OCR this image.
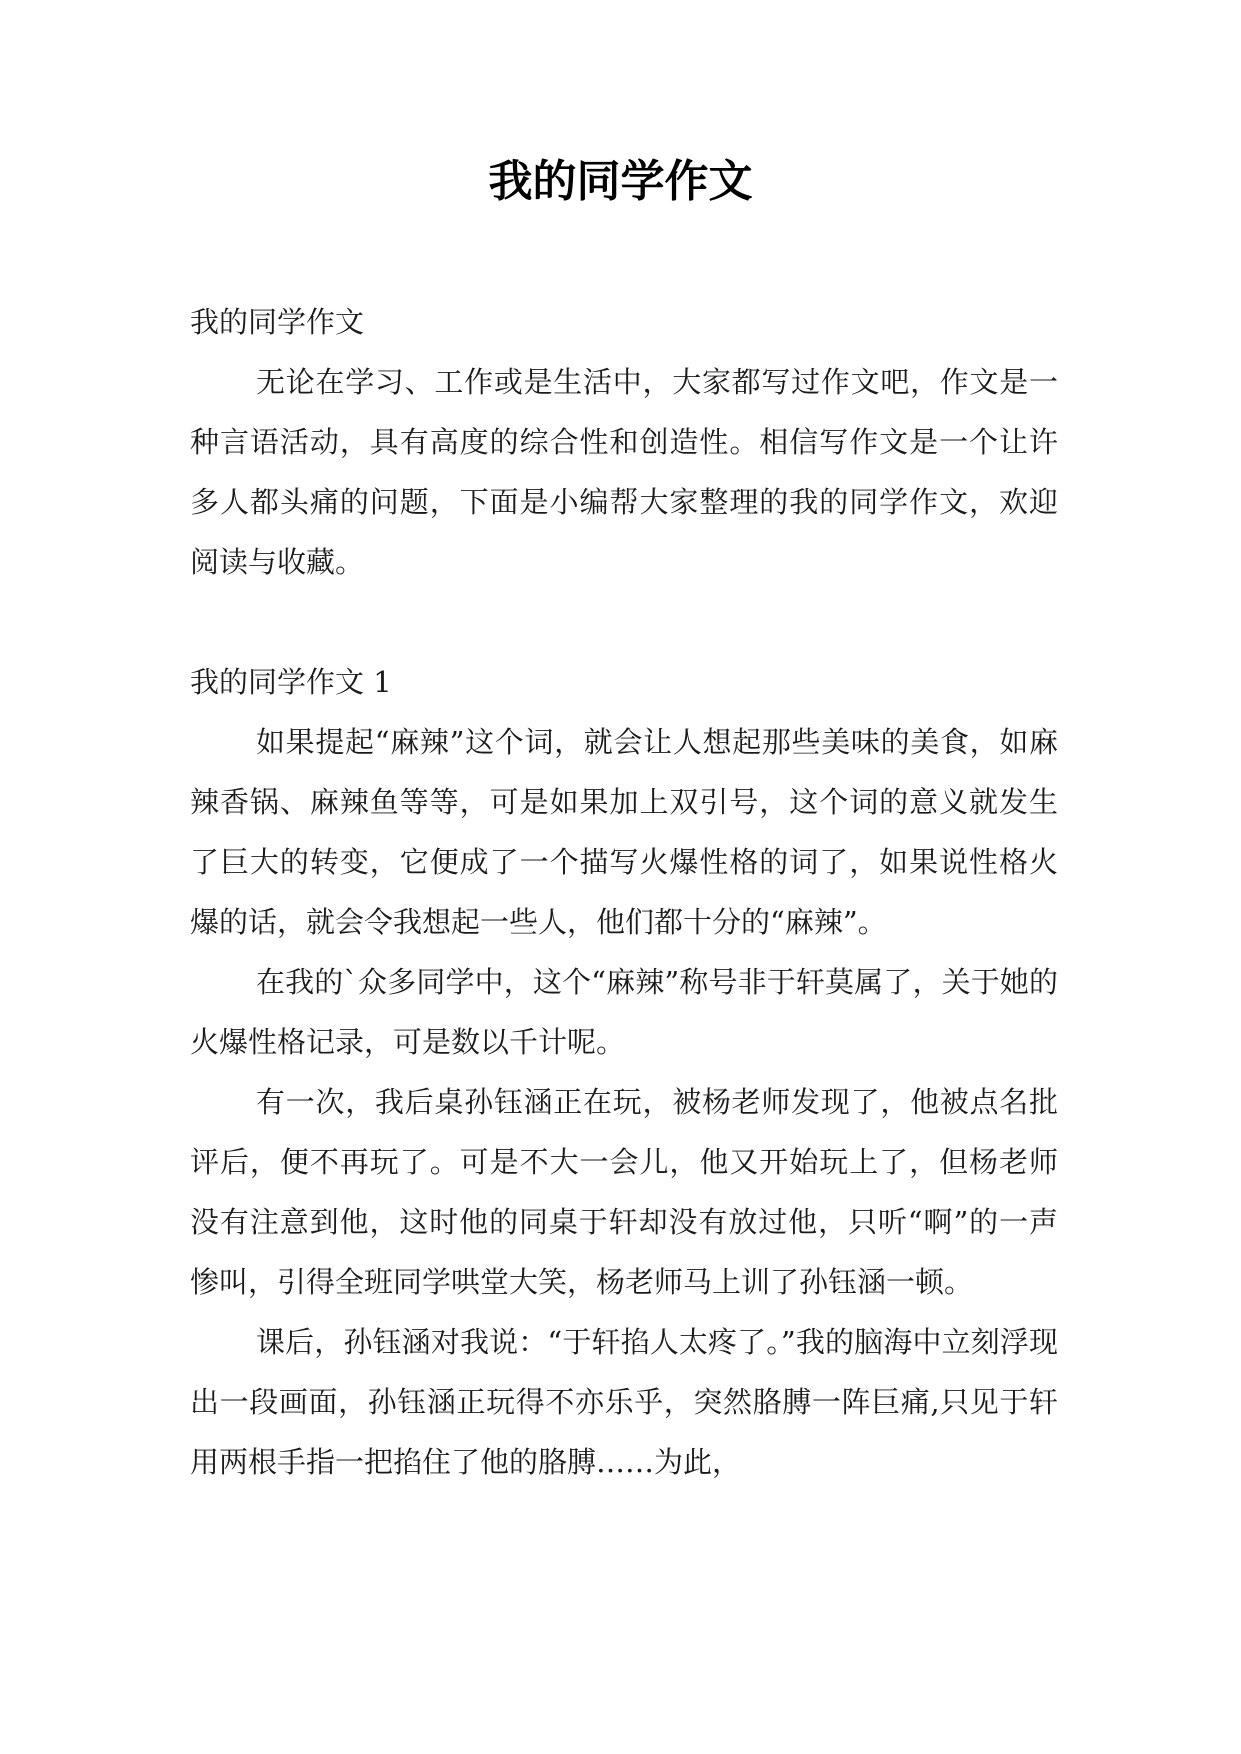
我的同学作文

我的同学作文

无论在学习、工作或是生活中，大家都写过作文吧，作文是一种言语活动，具有高度的综合性和创造性。相信写作文是一个让许多人都头痛的问题，下面是小编帮大家整理的我的同学作文，欢迎阅读与收藏。

我的同学作文 1

如果提起“麻辣”这个词，就会让人想起那些美味的美食，如麻辣香锅、麻辣鱼等等，可是如果加上双引号，这个词的意义就发生了巨大的转变，它便成了一个描写火爆性格的词了，如果说性格火爆的话，就会令我想起一些人，他们都十分的“麻辣”。

在我的`众多同学中，这个“麻辣”称号非于轩莫属了，关于她的火爆性格记录，可是数以千计呢。

有一次，我后桌孙钰涵正在玩，被杨老师发现了，他被点名批评后，便不再玩了。可是不大一会儿，他又开始玩上了，但杨老师没有注意到他，这时他的同桌于轩却没有放过他，只听“啊”的一声惨叫，引得全班同学哄堂大笑，杨老师马上训了孙钰涵一顿。

课后，孙钰涵对我说：“于轩掐人太疼了。”我的脑海中立刻浮现出一段画面，孙钰涵正玩得不亦乐乎，突然胳膊一阵巨痛,只见于轩用两根手指一把掐住了他的胳膊……为此，
